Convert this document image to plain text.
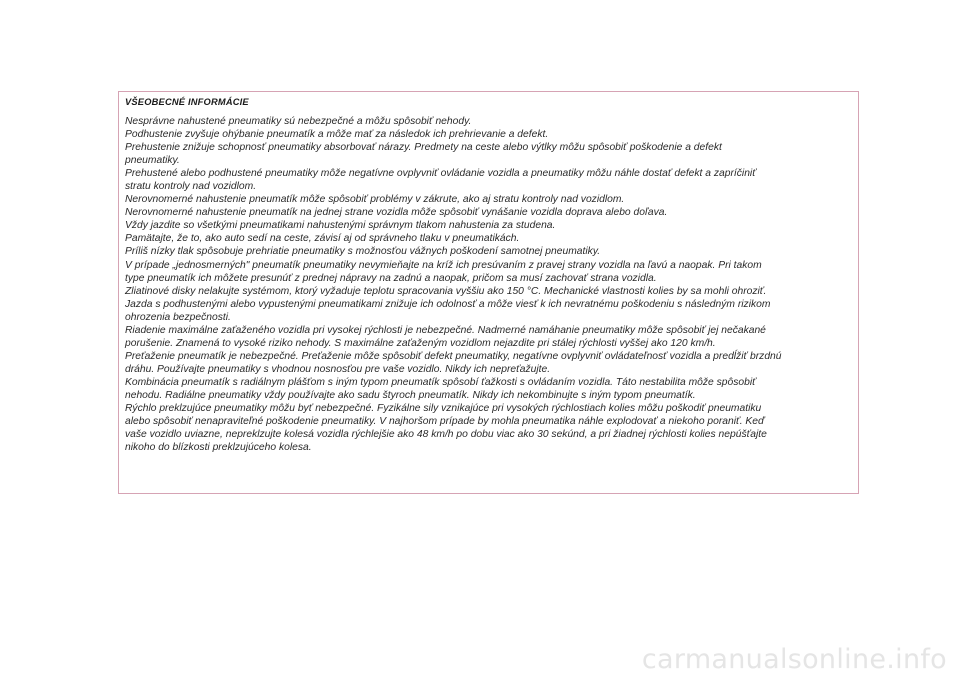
VŠEOBECNÉ INFORMÁCIE
Nesprávne nahustené pneumatiky sú nebezpečné a môžu spôsobiť nehody.
Podhustenie zvyšuje ohýbanie pneumatík a môže mať za následok ich prehrievanie a defekt.
Prehustenie znižuje schopnosť pneumatiky absorbovať nárazy. Predmety na ceste alebo výtlky môžu spôsobiť poškodenie a defekt
pneumatiky.
Prehustené alebo podhustené pneumatiky môže negatívne ovplyvniť ovládanie vozidla a pneumatiky môžu náhle dostať defekt a zapríčiniť
stratu kontroly nad vozidlom.
Nerovnomerné nahustenie pneumatík môže spôsobiť problémy v zákrute, ako aj stratu kontroly nad vozidlom.
Nerovnomerné nahustenie pneumatík na jednej strane vozidla môže spôsobiť vynášanie vozidla doprava alebo doľava.
Vždy jazdite so všetkými pneumatikami nahustenými správnym tlakom nahustenia za studena.
Pamätajte, že to, ako auto sedí na ceste, závisí aj od správneho tlaku v pneumatikách.
Príliš nízky tlak spôsobuje prehriatie pneumatiky s možnosťou vážnych poškodení samotnej pneumatiky.
V prípade „jednosmerných" pneumatík pneumatiky nevymieňajte na kríž ich presúvaním z pravej strany vozidla na ľavú a naopak. Pri takom
type pneumatík ich môžete presunúť z prednej nápravy na zadnú a naopak, pričom sa musí zachovať strana vozidla.
Zliatinové disky nelakujte systémom, ktorý vyžaduje teplotu spracovania vyššiu ako 150 °C. Mechanické vlastnosti kolies by sa mohli ohroziť.
Jazda s podhustenými alebo vypustenými pneumatikami znižuje ich odolnosť a môže viesť k ich nevratnému poškodeniu s následným rizikom
ohrozenia bezpečnosti.
Riadenie maximálne zaťaženého vozidla pri vysokej rýchlosti je nebezpečné. Nadmerné namáhanie pneumatiky môže spôsobiť jej nečakané
porušenie. Znamená to vysoké riziko nehody. S maximálne zaťaženým vozidlom nejazdite pri stálej rýchlosti vyššej ako 120 km/h.
Preťaženie pneumatík je nebezpečné. Preťaženie môže spôsobiť defekt pneumatiky, negatívne ovplyvniť ovládateľnosť vozidla a predĺžiť brzdnú
dráhu. Používajte pneumatiky s vhodnou nosnosťou pre vaše vozidlo. Nikdy ich nepreťažujte.
Kombinácia pneumatík s radiálnym plášťom s iným typom pneumatík spôsobí ťažkosti s ovládaním vozidla. Táto nestabilita môže spôsobiť
nehodu. Radiálne pneumatiky vždy používajte ako sadu štyroch pneumatík. Nikdy ich nekombinujte s iným typom pneumatík.
Rýchlo preklzujúce pneumatiky môžu byť nebezpečné. Fyzikálne sily vznikajúce pri vysokých rýchlostiach kolies môžu poškodiť pneumatiku
alebo spôsobiť nenapraviteľné poškodenie pneumatiky. V najhoršom prípade by mohla pneumatika náhle explodovať a niekoho poraniť. Keď
vaše vozidlo uviazne, nepreklzujte kolesá vozidla rýchlejšie ako 48 km/h po dobu viac ako 30 sekúnd, a pri žiadnej rýchlosti kolies nepúšťajte
nikoho do blízkosti preklzujúceho kolesa.
carmanualsonline.info
